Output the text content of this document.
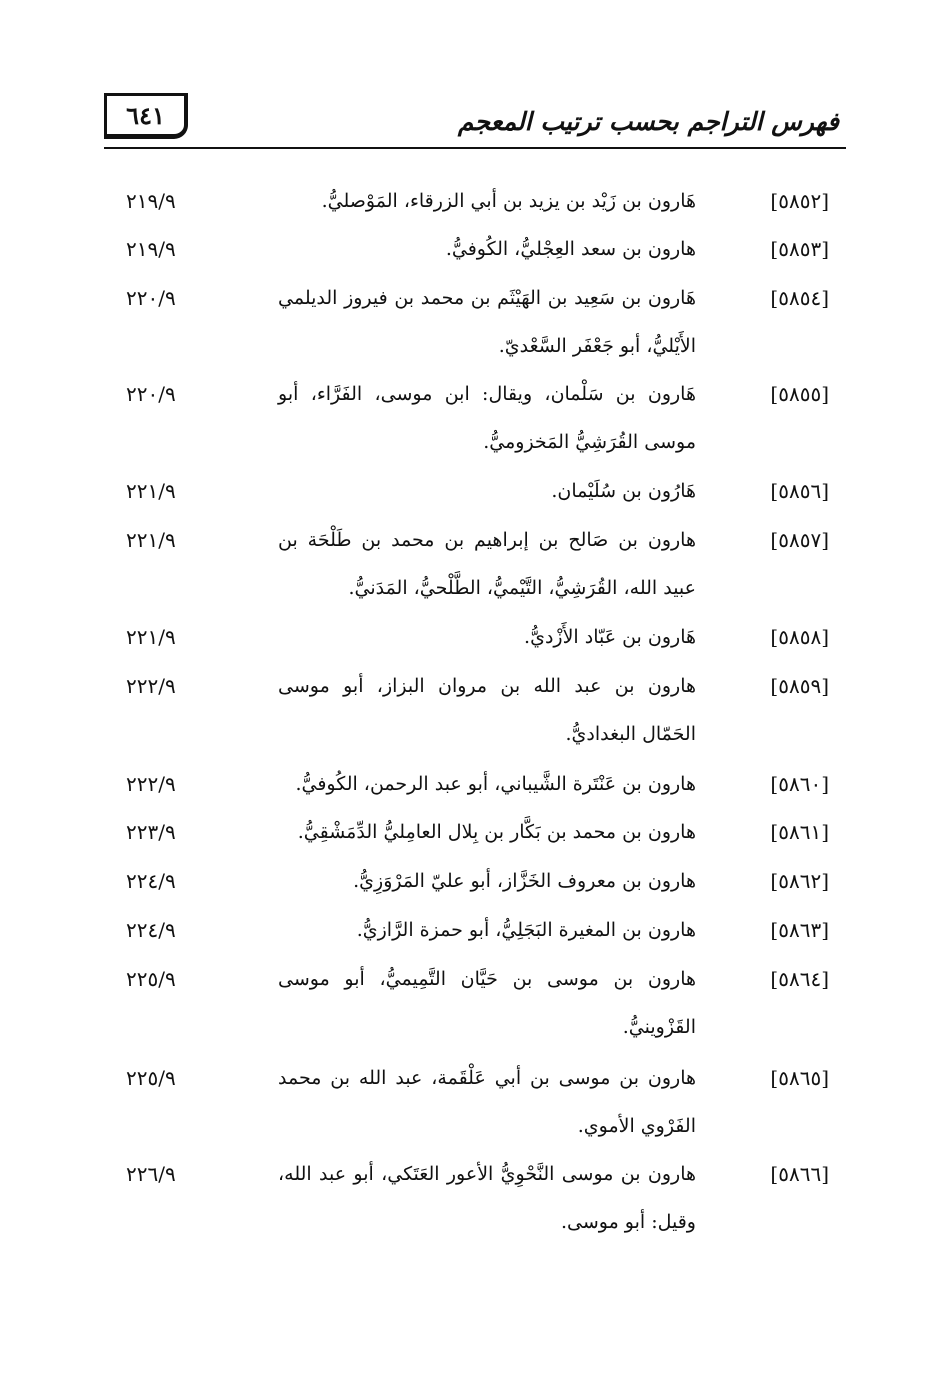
٦٤١	فهرس التراجم بحسب ترتيب المعجم
[٥٨٥٢]
هَارون بن زَيْد بن يزيد بن أبي الزرقاء، المَوْصليُّ.
٢١٩/٩
[٥٨٥٣]
هارون بن سعد العِجْليُّ، الكُوفيُّ.
٢١٩/٩
[٥٨٥٤]
هَارون بن سَعِيد بن الهَيْثَم بن محمد بن فيروز الديلمي الأَيْليُّ، أبو جَعْفَر السَّعْديّ.
٢٢٠/٩
[٥٨٥٥]
هَارون بن سَلْمان، ويقال: ابن موسى، الفَرَّاء، أبو موسى القُرَشِيُّ المَخزوميُّ.
٢٢٠/٩
[٥٨٥٦]
هَارُون بن سُلَيْمان.
٢٢١/٩
[٥٨٥٧]
هارون بن صَالح بن إبراهيم بن محمد بن طَلْحَة بن عبيد الله، القُرَشِيُّ، التَّيْميُّ، الطَّلْحيُّ، المَدَنيُّ.
٢٢١/٩
[٥٨٥٨]
هَارون بن عَبّاد الأَزْديُّ.
٢٢١/٩
[٥٨٥٩]
هارون بن عبد الله بن مروان البزاز، أبو موسى الحَمّال البغداديُّ.
٢٢٢/٩
[٥٨٦٠]
هارون بن عَنْتَرة الشَّيباني، أبو عبد الرحمن، الكُوفيُّ.
٢٢٢/٩
[٥٨٦١]
هارون بن محمد بن بَكَّار بن بِلال العامِليُّ الدِّمَشْقِيُّ.
٢٢٣/٩
[٥٨٦٢]
هارون بن معروف الخَزَّاز، أبو عليّ المَرْوَزِيُّ.
٢٢٤/٩
[٥٨٦٣]
هارون بن المغيرة البَجَلِيُّ، أبو حمزة الرَّازيُّ.
٢٢٤/٩
[٥٨٦٤]
هارون بن موسى بن حَيَّان التَّمِيميُّ، أبو موسى القَزْوينيُّ.
٢٢٥/٩
[٥٨٦٥]
هارون بن موسى بن أبي عَلْقَمة، عبد الله بن محمد الفَرْوي الأموي.
٢٢٥/٩
[٥٨٦٦]
هارون بن موسى النَّحْوِيُّ الأعور العَتَكي، أبو عبد الله، وقيل: أبو موسى.
٢٢٦/٩
